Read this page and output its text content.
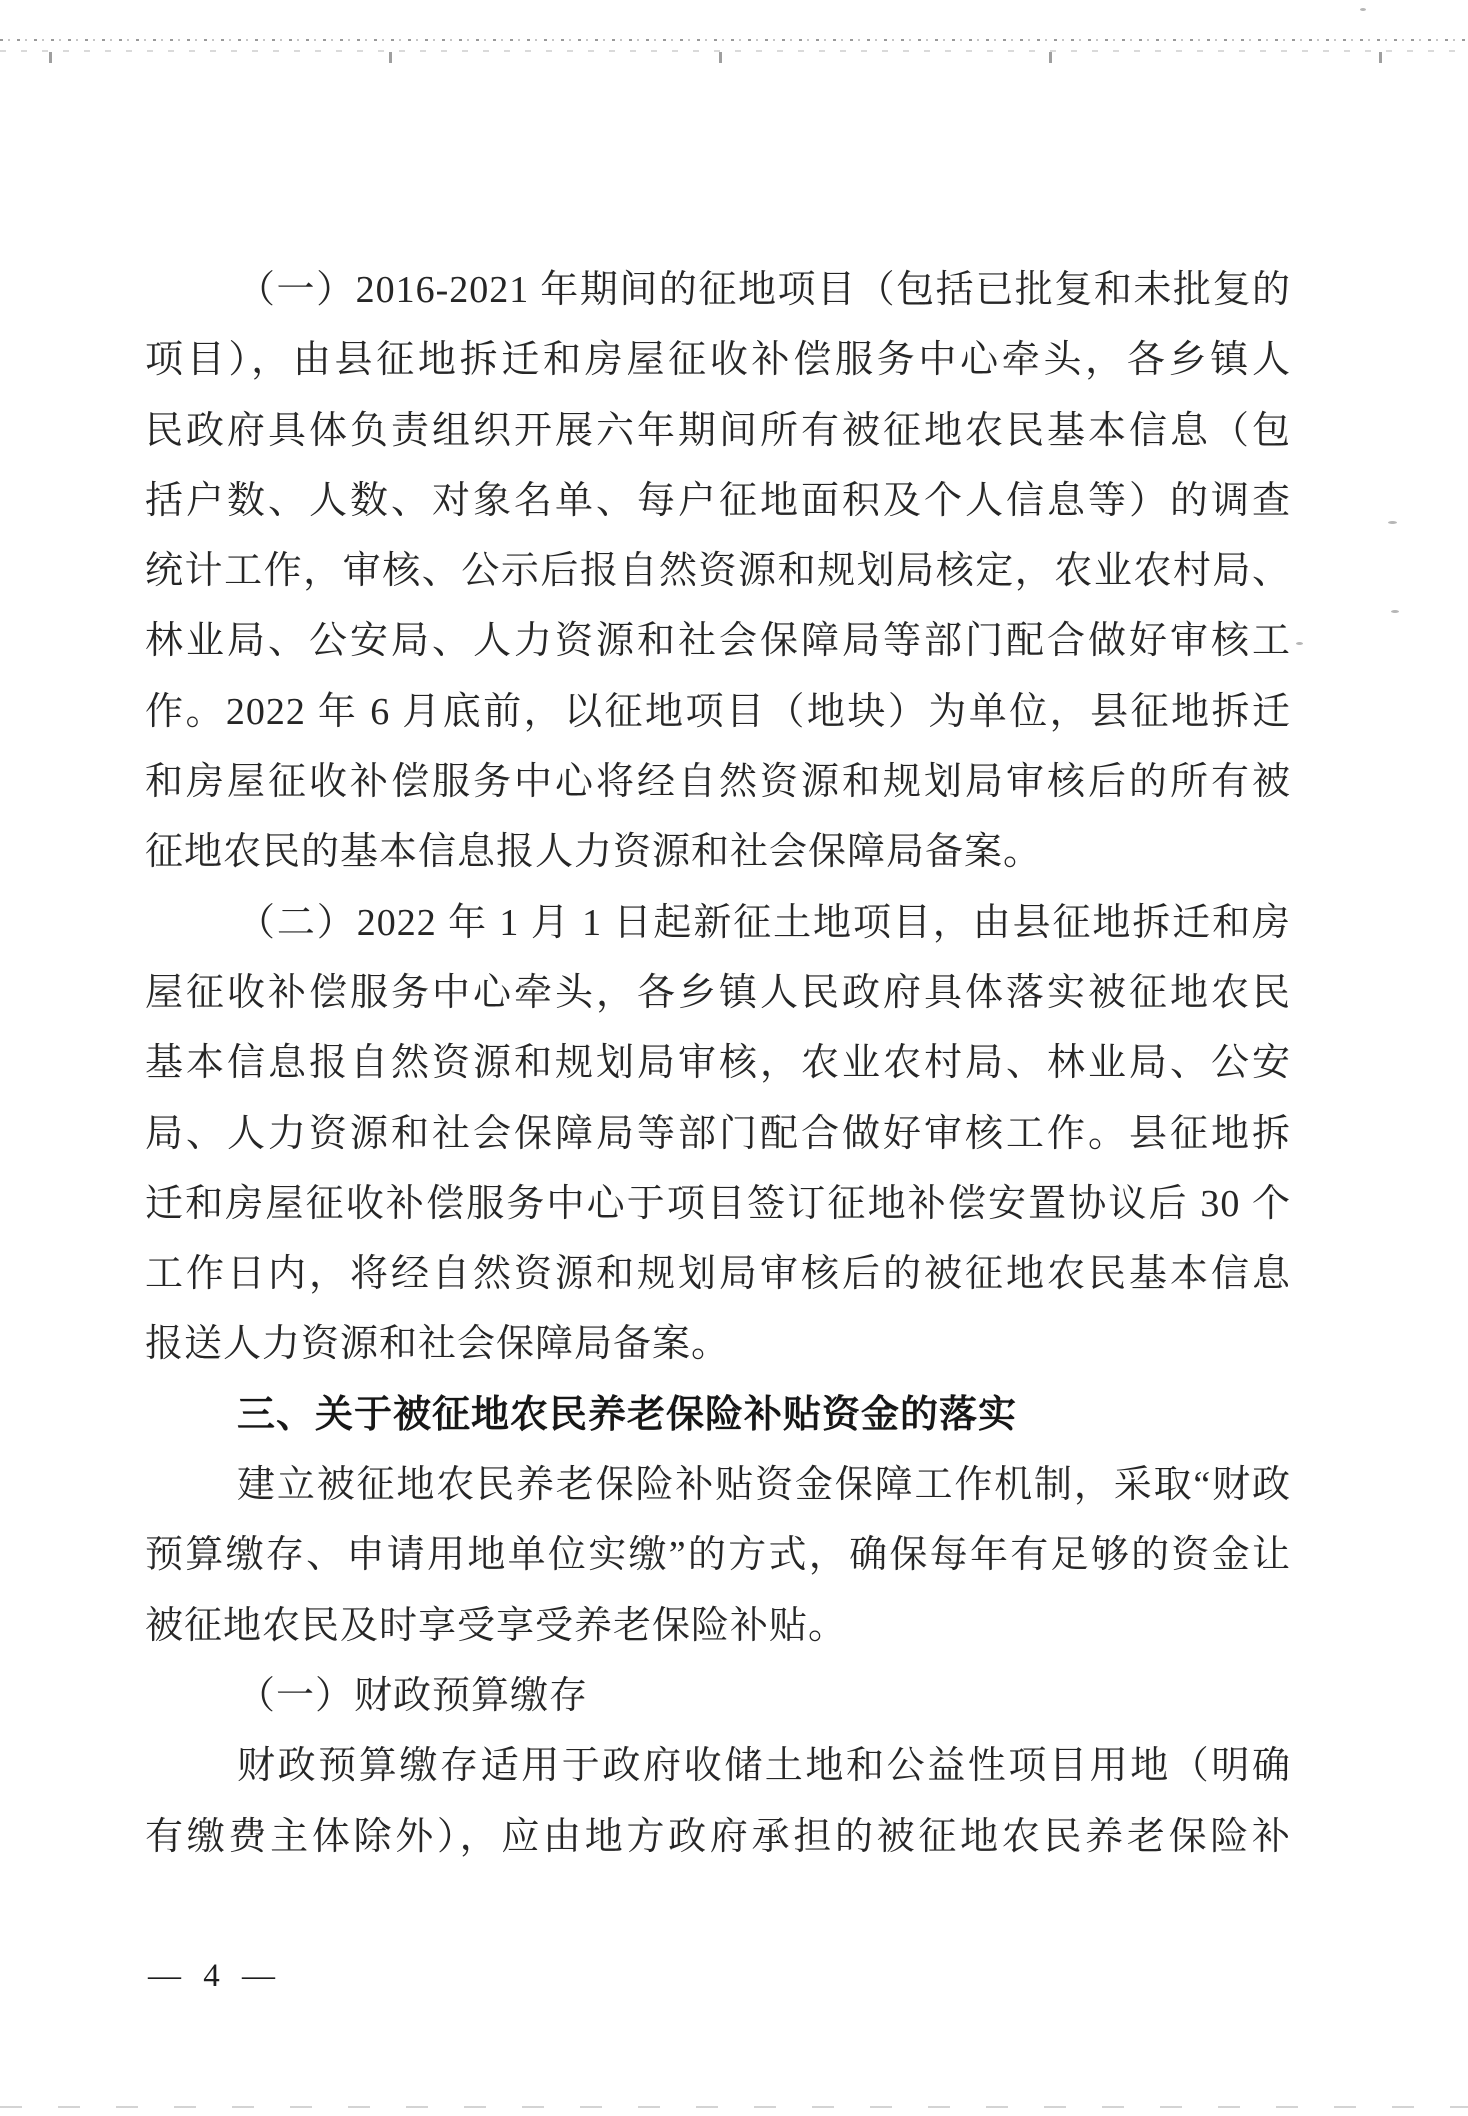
（一）2016-2021 年期间的征地项目（包括已批复和未批复的
项目），由县征地拆迁和房屋征收补偿服务中心牵头，各乡镇人
民政府具体负责组织开展六年期间所有被征地农民基本信息（包
括户数、人数、对象名单、每户征地面积及个人信息等）的调查
统计工作，审核、公示后报自然资源和规划局核定，农业农村局、
林业局、公安局、人力资源和社会保障局等部门配合做好审核工
作。2022 年 6 月底前，以征地项目（地块）为单位，县征地拆迁
和房屋征收补偿服务中心将经自然资源和规划局审核后的所有被
征地农民的基本信息报人力资源和社会保障局备案。
（二）2022 年 1 月 1 日起新征土地项目，由县征地拆迁和房
屋征收补偿服务中心牵头，各乡镇人民政府具体落实被征地农民
基本信息报自然资源和规划局审核，农业农村局、林业局、公安
局、人力资源和社会保障局等部门配合做好审核工作。县征地拆
迁和房屋征收补偿服务中心于项目签订征地补偿安置协议后 30 个
工作日内，将经自然资源和规划局审核后的被征地农民基本信息
报送人力资源和社会保障局备案。
三、关于被征地农民养老保险补贴资金的落实
建立被征地农民养老保险补贴资金保障工作机制，采取“财政
预算缴存、申请用地单位实缴”的方式，确保每年有足够的资金让
被征地农民及时享受享受养老保险补贴。
（一）财政预算缴存
财政预算缴存适用于政府收储土地和公益性项目用地（明确
有缴费主体除外），应由地方政府承担的被征地农民养老保险补
— 4 —
